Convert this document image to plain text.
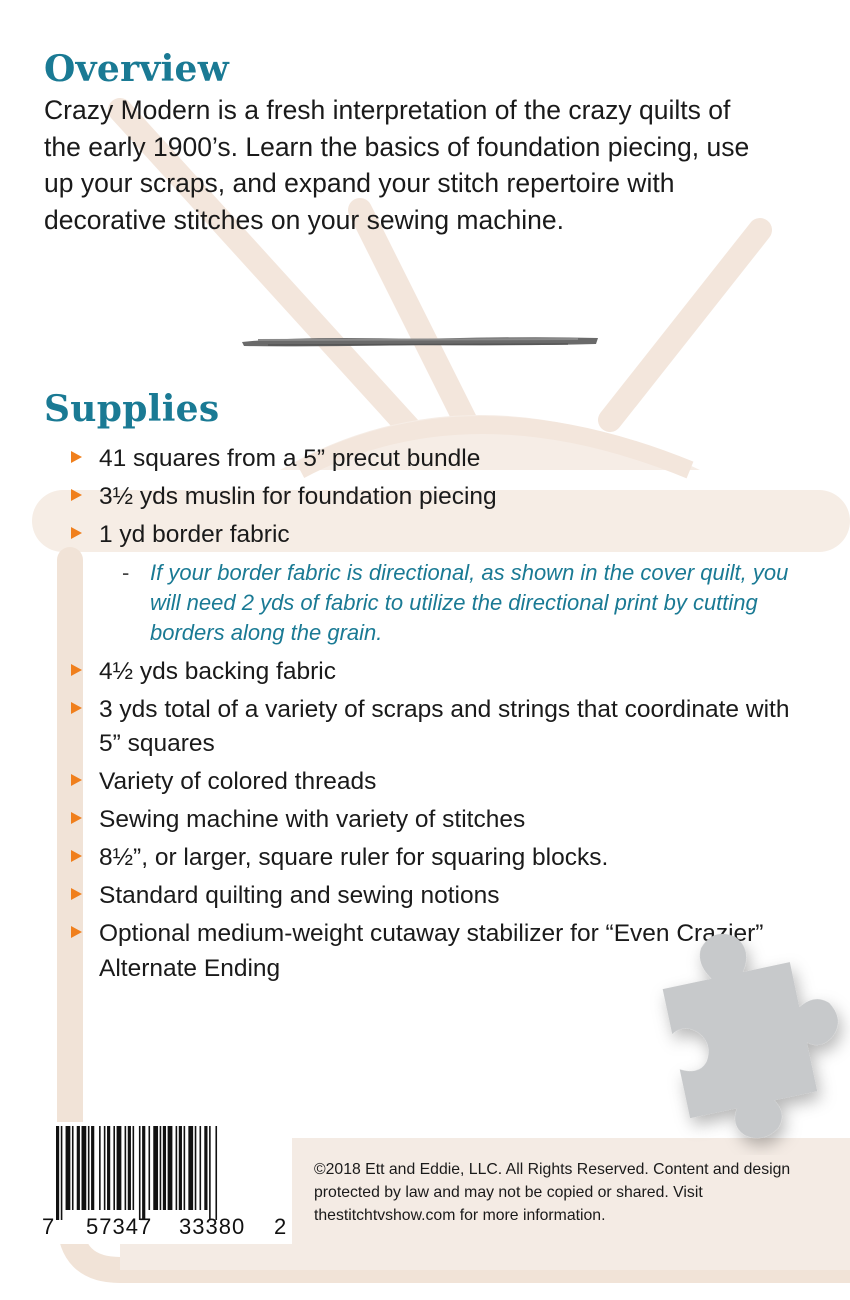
Overview

Crazy Modern is a fresh interpretation of the crazy quilts of the early 1900’s. Learn the basics of foundation piecing, use up your scraps, and expand your stitch repertoire with decorative stitches on your sewing machine.

Supplies
41 squares from a 5” precut bundle
3½ yds muslin for foundation piecing
1 yd border fabric
- If your border fabric is directional, as shown in the cover quilt, you will need 2 yds of fabric to utilize the directional print by cutting borders along the grain.
4½ yds backing fabric
3 yds total of a variety of scraps and strings that coordinate with 5” squares
Variety of colored threads
Sewing machine with variety of stitches
8½”, or larger, square ruler for squaring blocks.
Standard quilting and sewing notions
Optional medium-weight cutaway stabilizer for “Even Crazier” Alternate Ending
7 57347 33380 2

©2018 Ett and Eddie, LLC. All Rights Reserved. Content and design protected by law and may not be copied or shared. Visit thestitchtvshow.com for more information.
